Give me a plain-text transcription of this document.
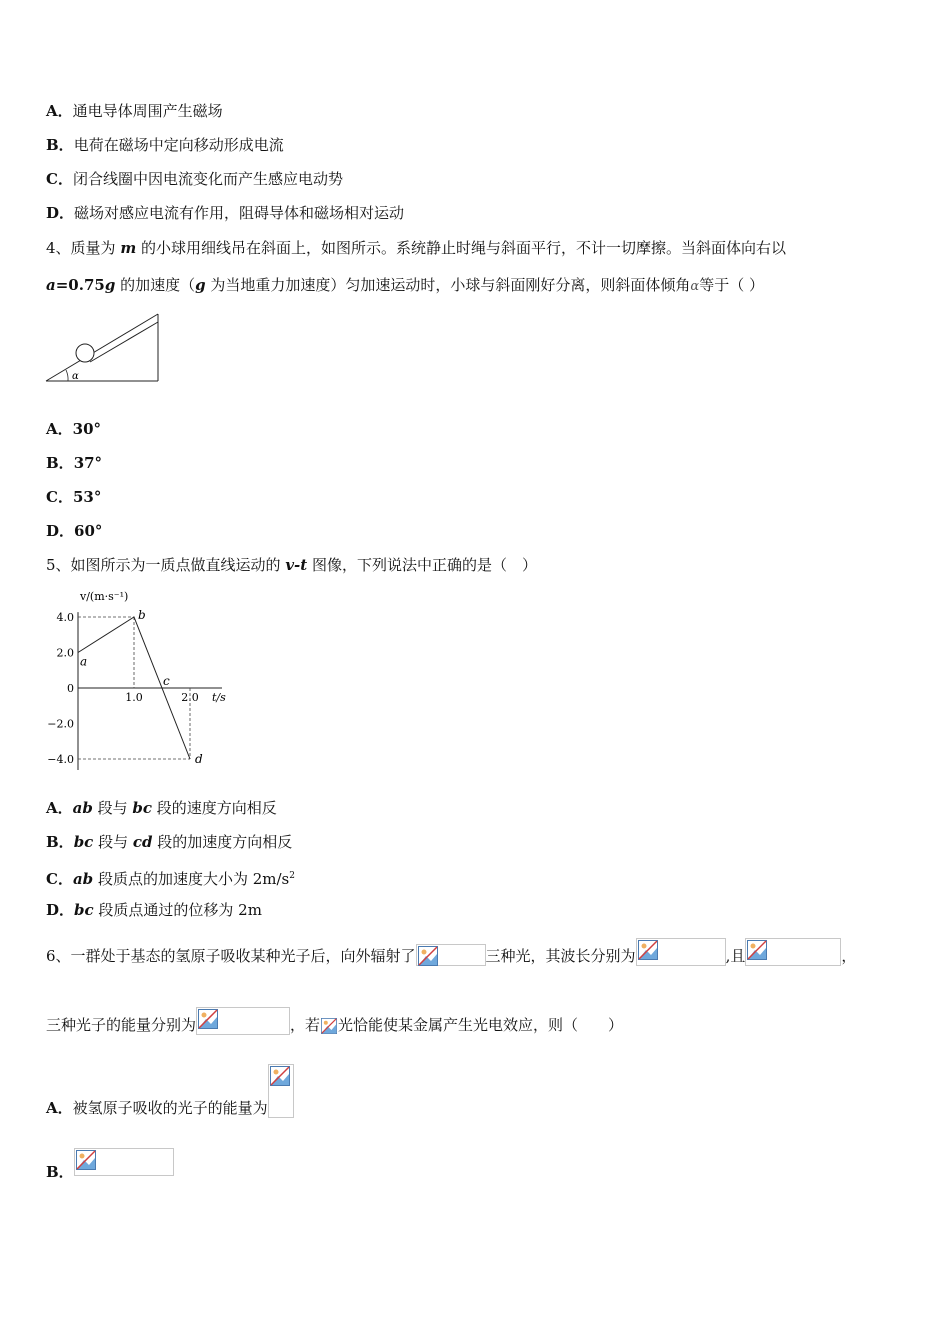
A．通电导体周围产生磁场
B．电荷在磁场中定向移动形成电流
C．闭合线圈中因电流变化而产生感应电动势
D．磁场对感应电流有作用，阻碍导体和磁场相对运动
4、质量为 m 的小球用细线吊在斜面上，如图所示。系统静止时绳与斜面平行，不计一切摩擦。当斜面体向右以
a=0.75g 的加速度（g 为当地重力加速度）匀加速运动时，小球与斜面刚好分离，则斜面体倾角α等于（ ）
α
A．30°
B．37°
C．53°
D．60°
5、如图所示为一质点做直线运动的 v-t 图像，下列说法中正确的是（　）
v/(m·s⁻¹)
t/s
4.0
2.0
0
−2.0
−4.0
1.0	2.0
a
b
c
d
A．ab 段与 bc 段的速度方向相反
B．bc 段与 cd 段的加速度方向相反
C．ab 段质点的加速度大小为 $2m/s^2$
D．bc 段质点通过的位移为 2m
6、一群处于基态的氢原子吸收某种光子后，向外辐射了	三种光，其波长分别为	,且	，
三种光子的能量分别为	，若 光恰能使某金属产生光电效应，则（　　）
A．被氢原子吸收的光子的能量为
B．
